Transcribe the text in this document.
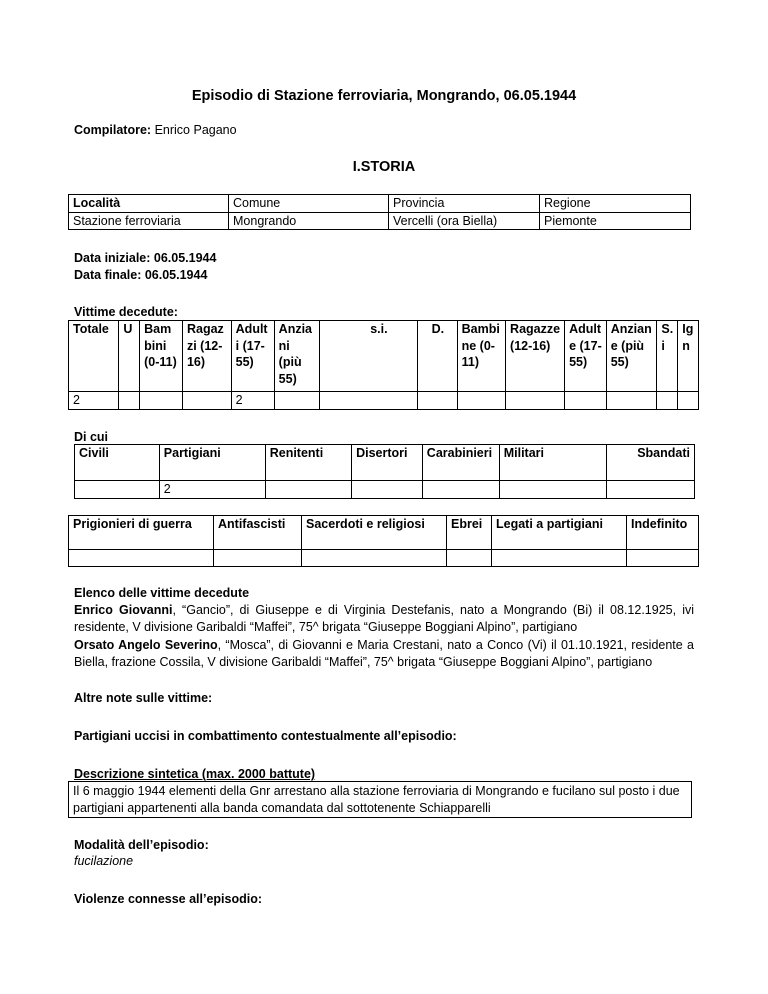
Episodio di Stazione ferroviaria, Mongrando, 06.05.1944
Compilatore: Enrico Pagano
I.STORIA
Località	Comune	Provincia	Regione
Stazione ferroviaria	Mongrando	Vercelli (ora Biella)	Piemonte
Data iniziale: 06.05.1944
Data finale: 06.05.1944
Vittime decedute:
Totale	U	Bam bini (0-11)	Ragaz zi (12-16)	Adult i (17-55)	Anzia ni (più 55)	s.i.	D.	Bambi ne (0-11)	Ragazze (12-16)	Adult e (17-55)	Anzian e (più 55)	S. i	Ig n
2				2									
Di cui
Civili	Partigiani	Renitenti	Disertori	Carabinieri	Militari	Sbandati
	2					
Prigionieri di guerra	Antifascisti	Sacerdoti e religiosi	Ebrei	Legati a partigiani	Indefinito

Elenco delle vittime decedute
Enrico Giovanni, “Gancio”, di Giuseppe e di Virginia Destefanis, nato a Mongrando (Bi) il 08.12.1925, ivi residente, V divisione Garibaldi “Maffei”, 75^ brigata “Giuseppe Boggiani Alpino”, partigiano
Orsato Angelo Severino, “Mosca”, di Giovanni e Maria Crestani, nato a Conco (Vi) il 01.10.1921, residente a Biella, frazione Cossila, V divisione Garibaldi “Maffei”, 75^ brigata “Giuseppe Boggiani Alpino”, partigiano
Altre note sulle vittime:
Partigiani uccisi in combattimento contestualmente all’episodio:
Descrizione sintetica (max. 2000 battute)
Il 6 maggio 1944 elementi della Gnr arrestano alla stazione ferroviaria di Mongrando e fucilano sul posto i due partigiani appartenenti alla banda comandata dal sottotenente Schiapparelli
Modalità dell’episodio:
fucilazione
Violenze connesse all’episodio:
